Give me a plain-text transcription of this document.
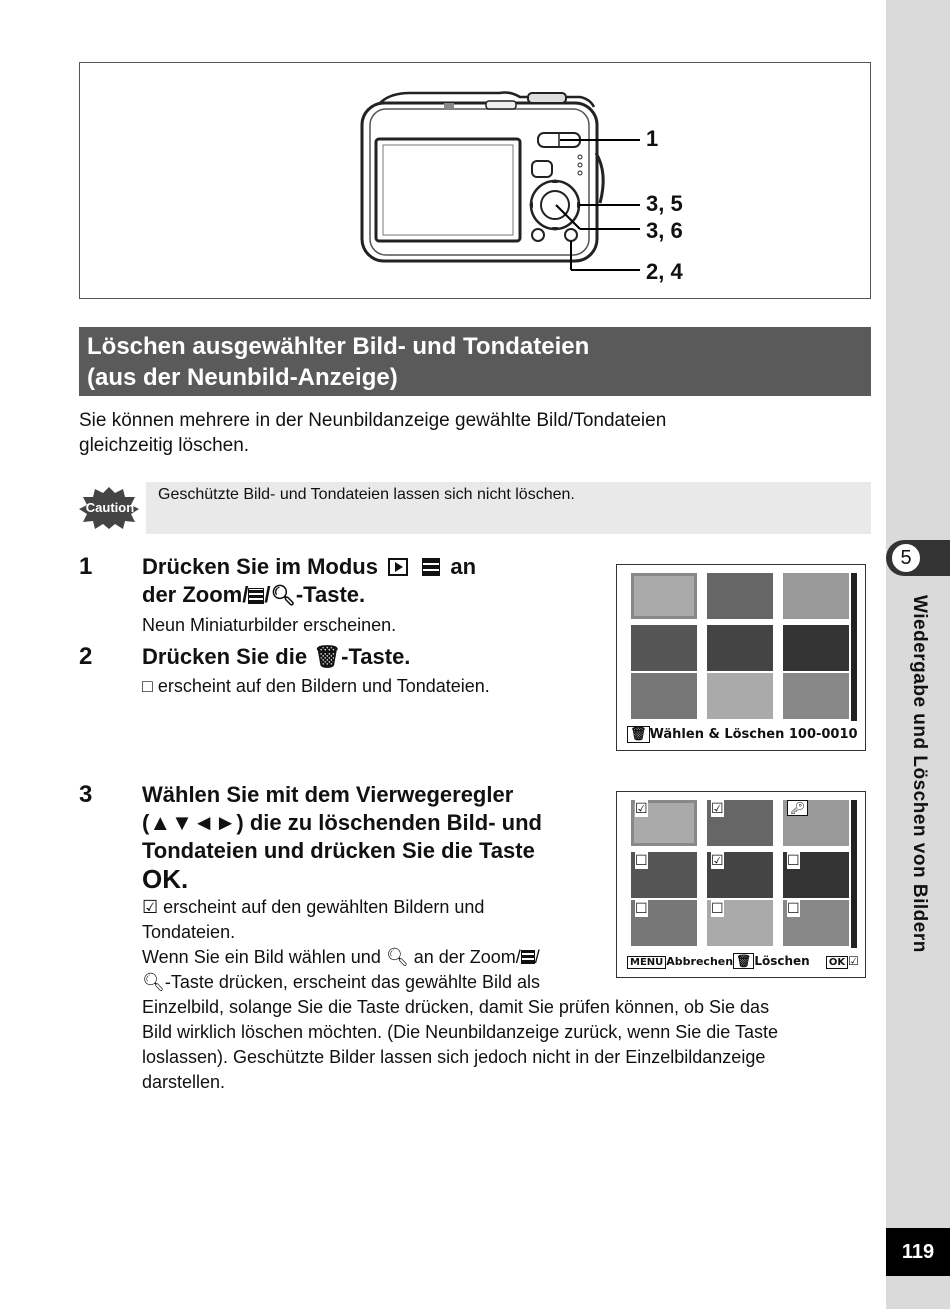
5
Wiedergabe und Löschen von Bildern
119
1
3, 5
3, 6
2, 4
Löschen ausgewählter Bild- und Tondateien
(aus der Neunbild-Anzeige)
Sie können mehrere in der Neunbildanzeige gewählte Bild/Tondateien
gleichzeitig löschen.
Caution
Geschützte Bild- und Tondateien lassen sich nicht löschen.
1 Drücken Sie im Modus	an
der Zoom/ /🔍︎-Taste.
Neun Miniaturbilder erscheinen.
2 Drücken Sie die 🗑︎-Taste.
□ erscheint auf den Bildern und Tondateien.
🗑︎ Wählen & Löschen 100-0010
3 Wählen Sie mit dem Vierwegeregler
(▲▼◄►) die zu löschenden Bild- und
Tondateien und drücken Sie die Taste
OK.
☑ erscheint auf den gewählten Bildern und
Tondateien.
Wenn Sie ein Bild wählen und 🔍︎ an der Zoom/ /
🔍︎-Taste drücken, erscheint das gewählte Bild als
Einzelbild, solange Sie die Taste drücken, damit Sie prüfen können, ob Sie das
Bild wirklich löschen möchten. (Die Neunbildanzeige zurück, wenn Sie die Taste
loslassen). Geschützte Bilder lassen sich jedoch nicht in der Einzelbildanzeige
darstellen.
☑	☑	🔑︎
☐	☑	☐
☐	☐	☐
MENU Abbrechen 🗑︎ Löschen OK ☑
